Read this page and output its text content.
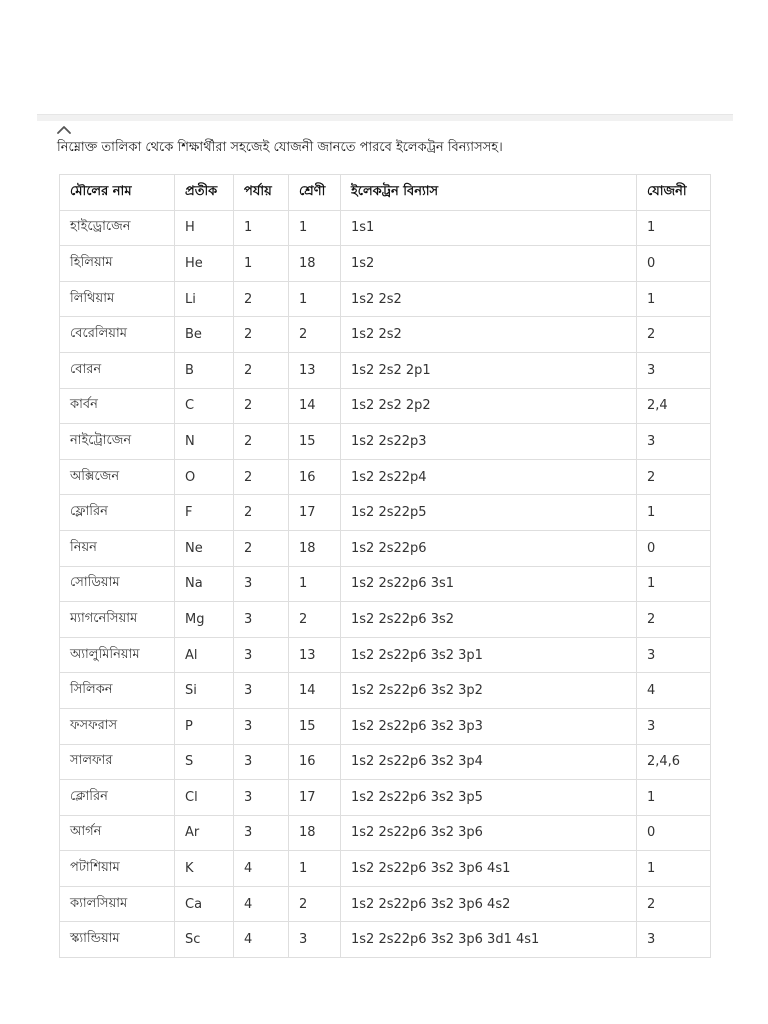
নিম্নোক্ত তালিকা থেকে শিক্ষার্থীরা সহজেই যোজনী জানতে পারবে ইলেকট্রন বিন্যাসসহ।
মৌলের নাম	প্রতীক	পর্যায়	শ্রেণী	ইলেকট্রন বিন্যাস	যোজনী
হাইড্রোজেন	H	1	1	1s1	1
হিলিয়াম	He	1	18	1s2	0
লিথিয়াম	Li	2	1	1s2 2s2	1
বেরেলিয়াম	Be	2	2	1s2 2s2	2
বোরন	B	2	13	1s2 2s2 2p1	3
কার্বন	C	2	14	1s2 2s2 2p2	2,4
নাইট্রোজেন	N	2	15	1s2 2s22p3	3
অক্সিজেন	O	2	16	1s2 2s22p4	2
ফ্লোরিন	F	2	17	1s2 2s22p5	1
নিয়ন	Ne	2	18	1s2 2s22p6	0
সোডিয়াম	Na	3	1	1s2 2s22p6 3s1	1
ম্যাগনেসিয়াম	Mg	3	2	1s2 2s22p6 3s2	2
অ্যালুমিনিয়াম	Al	3	13	1s2 2s22p6 3s2 3p1	3
সিলিকন	Si	3	14	1s2 2s22p6 3s2 3p2	4
ফসফরাস	P	3	15	1s2 2s22p6 3s2 3p3	3
সালফার	S	3	16	1s2 2s22p6 3s2 3p4	2,4,6
ক্লোরিন	Cl	3	17	1s2 2s22p6 3s2 3p5	1
আর্গন	Ar	3	18	1s2 2s22p6 3s2 3p6	0
পটাশিয়াম	K	4	1	1s2 2s22p6 3s2 3p6 4s1	1
ক্যালসিয়াম	Ca	4	2	1s2 2s22p6 3s2 3p6 4s2	2
স্ক্যান্ডিয়াম	Sc	4	3	1s2 2s22p6 3s2 3p6 3d1 4s1	3
